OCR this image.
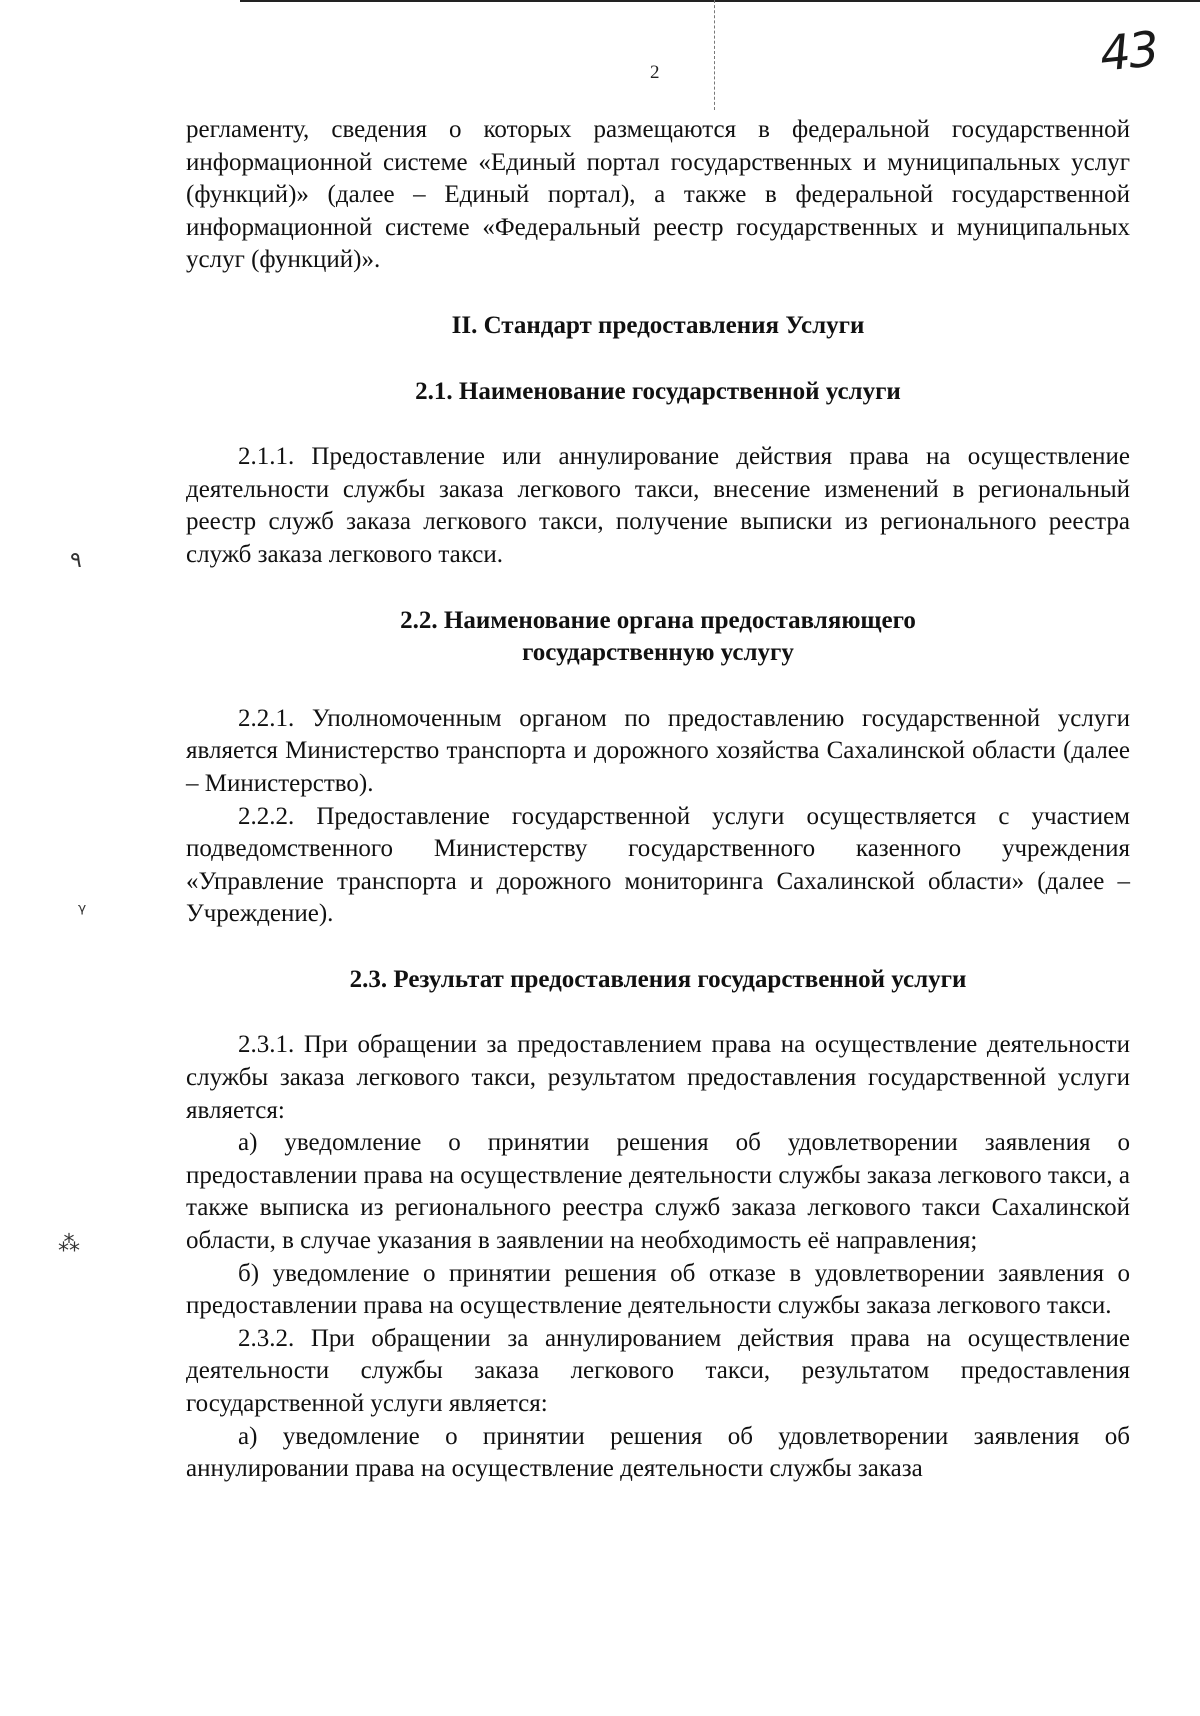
2	43
٩
ᵞ
⁂

регламенту, сведения о которых размещаются в федеральной государственной информационной системе «Единый портал государственных и муниципальных услуг (функций)» (далее – Единый портал), а также в федеральной государственной информационной системе «Федеральный реестр государственных и муниципальных услуг (функций)».

II. Стандарт предоставления Услуги

2.1. Наименование государственной услуги

2.1.1. Предоставление или аннулирование действия права на осуществление деятельности службы заказа легкового такси, внесение изменений в региональный реестр служб заказа легкового такси, получение выписки из регионального реестра служб заказа легкового такси.

2.2. Наименование органа предоставляющего

государственную услугу

2.2.1. Уполномоченным органом по предоставлению государственной услуги является Министерство транспорта и дорожного хозяйства Сахалинской области (далее – Министерство).

2.2.2. Предоставление государственной услуги осуществляется с участием подведомственного Министерству государственного казенного учреждения «Управление транспорта и дорожного мониторинга Сахалинской области» (далее – Учреждение).

2.3. Результат предоставления государственной услуги

2.3.1. При обращении за предоставлением права на осуществление деятельности службы заказа легкового такси, результатом предоставления государственной услуги является:

а) уведомление о принятии решения об удовлетворении заявления о предоставлении права на осуществление деятельности службы заказа легкового такси, а также выписка из регионального реестра служб заказа легкового такси Сахалинской области, в случае указания в заявлении на необходимость её направления;

б) уведомление о принятии решения об отказе в удовлетворении заявления о предоставлении права на осуществление деятельности службы заказа легкового такси.

2.3.2. При обращении за аннулированием действия права на осуществление деятельности службы заказа легкового такси, результатом предоставления государственной услуги является:

а) уведомление о принятии решения об удовлетворении заявления об аннулировании права на осуществление деятельности службы заказа
